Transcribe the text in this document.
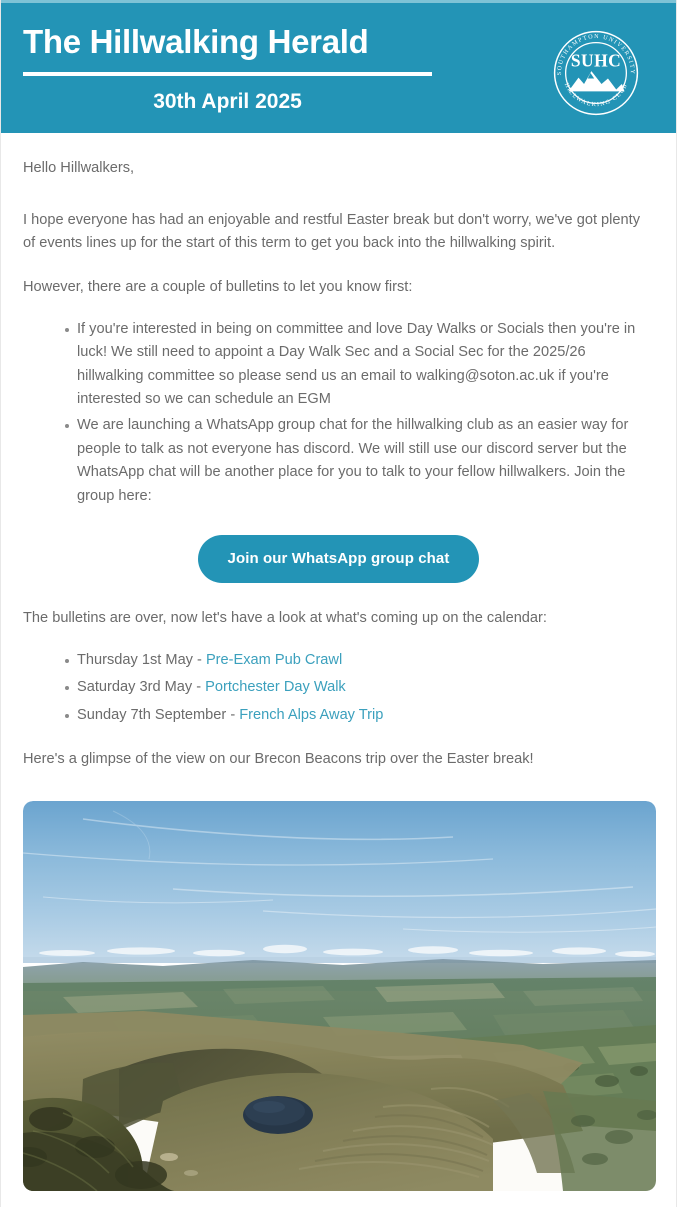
The Hillwalking Herald
30th April 2025
SUHC
SOUTHAMPTON UNIVERSITY
HILLWALKING CLUB

Hello Hillwalkers,

I hope everyone has had an enjoyable and restful Easter break but don't worry, we've got plenty of events lines up for the start of this term to get you back into the hillwalking spirit.

However, there are a couple of bulletins to let you know first:

If you're interested in being on committee and love Day Walks or Socials then you're in luck! We still need to appoint a Day Walk Sec and a Social Sec for the 2025/26 hillwalking committee so please send us an email to walking@soton.ac.uk if you're interested so we can schedule an EGM
We are launching a WhatsApp group chat for the hillwalking club as an easier way for people to talk as not everyone has discord. We will still use our discord server but the WhatsApp chat will be another place for you to talk to your fellow hillwalkers. Join the group here:
Join our WhatsApp group chat

The bulletins are over, now let's have a look at what's coming up on the calendar:

Thursday 1st May - Pre-Exam Pub Crawl
Saturday 3rd May - Portchester Day Walk
Sunday 7th September - French Alps Away Trip

Here's a glimpse of the view on our Brecon Beacons trip over the Easter break!
